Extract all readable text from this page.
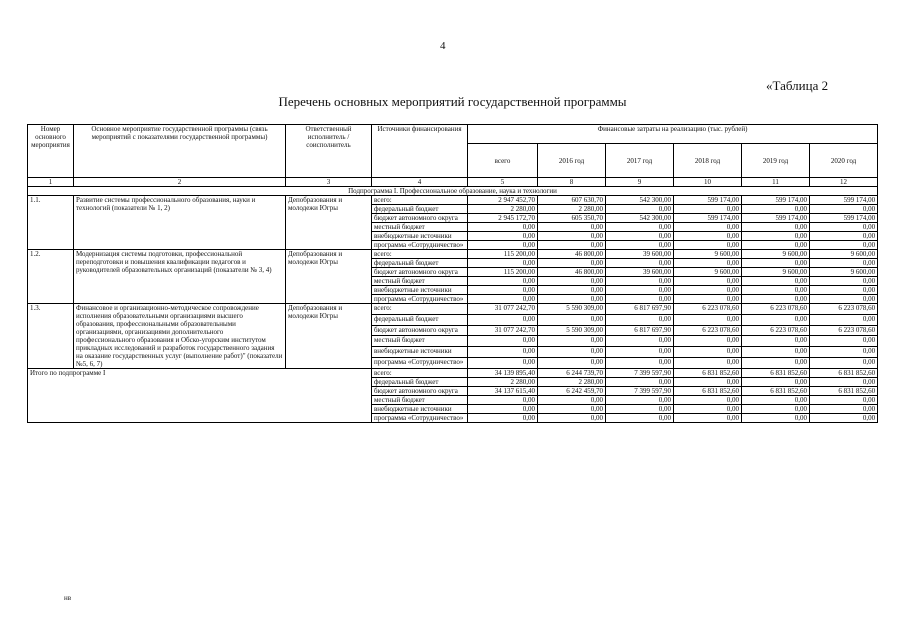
4
«Таблица 2
Перечень основных мероприятий государственной программы
Номер основного мероприятия	Основное мероприятие государственной программы (связь мероприятий с показателями государственной программы)	Ответственный исполнитель / соисполнитель	Источники финансирования	Финансовые затраты на реализацию (тыс. рублей)					
				всего	2016 год	2017 год	2018 год	2019 год	2020 год
1	2	3	4	5	8	9	10	11	12
Подпрограмма I. Профессиональное образование, наука и технологии									
1.1.	Развитие системы профессионального образования, науки и технологий (показатели № 1, 2)	Депобразования и молодежи Югры	всего:	2 947 452,70	607 630,70	542 300,00	599 174,00	599 174,00	599 174,00
			федеральный бюджет	2 280,00	2 280,00	0,00	0,00	0,00	0,00
			бюджет автономного округа	2 945 172,70	605 350,70	542 300,00	599 174,00	599 174,00	599 174,00
			местный бюджет	0,00	0,00	0,00	0,00	0,00	0,00
			внебюджетные источники	0,00	0,00	0,00	0,00	0,00	0,00
			программа «Сотрудничество»	0,00	0,00	0,00	0,00	0,00	0,00
1.2.	Модернизация системы подготовки, профессиональной переподготовки и повышения квалификации педагогов и руководителей образовательных организаций (показатели № 3, 4)	Депобразования и молодежи Югры	всего:	115 200,00	46 800,00	39 600,00	9 600,00	9 600,00	9 600,00
			федеральный бюджет	0,00	0,00	0,00	0,00	0,00	0,00
			бюджет автономного округа	115 200,00	46 800,00	39 600,00	9 600,00	9 600,00	9 600,00
			местный бюджет	0,00	0,00	0,00	0,00	0,00	0,00
			внебюджетные источники	0,00	0,00	0,00	0,00	0,00	0,00
			программа «Сотрудничество»	0,00	0,00	0,00	0,00	0,00	0,00
1.3.	Финансовое и организационно-методическое сопровождение исполнения образовательными организациями высшего образования, профессиональными образовательными организациями, организациями дополнительного профессионального образования и Обско-угорским институтом прикладных исследований и разработок государственного задания на оказание государственных услуг (выполнение работ)" (показатели №5, 6, 7)	Депобразования и молодежи Югры	всего:	31 077 242,70	5 590 309,00	6 817 697,90	6 223 078,60	6 223 078,60	6 223 078,60
			федеральный бюджет	0,00	0,00	0,00	0,00	0,00	0,00
			бюджет автономного округа	31 077 242,70	5 590 309,00	6 817 697,90	6 223 078,60	6 223 078,60	6 223 078,60
			местный бюджет	0,00	0,00	0,00	0,00	0,00	0,00
			внебюджетные источники	0,00	0,00	0,00	0,00	0,00	0,00
			программа «Сотрудничество»	0,00	0,00	0,00	0,00	0,00	0,00
Итого по подпрограмме I			всего:	34 139 895,40	6 244 739,70	7 399 597,90	6 831 852,60	6 831 852,60	6 831 852,60
			федеральный бюджет	2 280,00	2 280,00	0,00	0,00	0,00	0,00
			бюджет автономного округа	34 137 615,40	6 242 459,70	7 399 597,90	6 831 852,60	6 831 852,60	6 831 852,60
			местный бюджет	0,00	0,00	0,00	0,00	0,00	0,00
			внебюджетные источники	0,00	0,00	0,00	0,00	0,00	0,00
			программа «Сотрудничество»	0,00	0,00	0,00	0,00	0,00	0,00
нв
